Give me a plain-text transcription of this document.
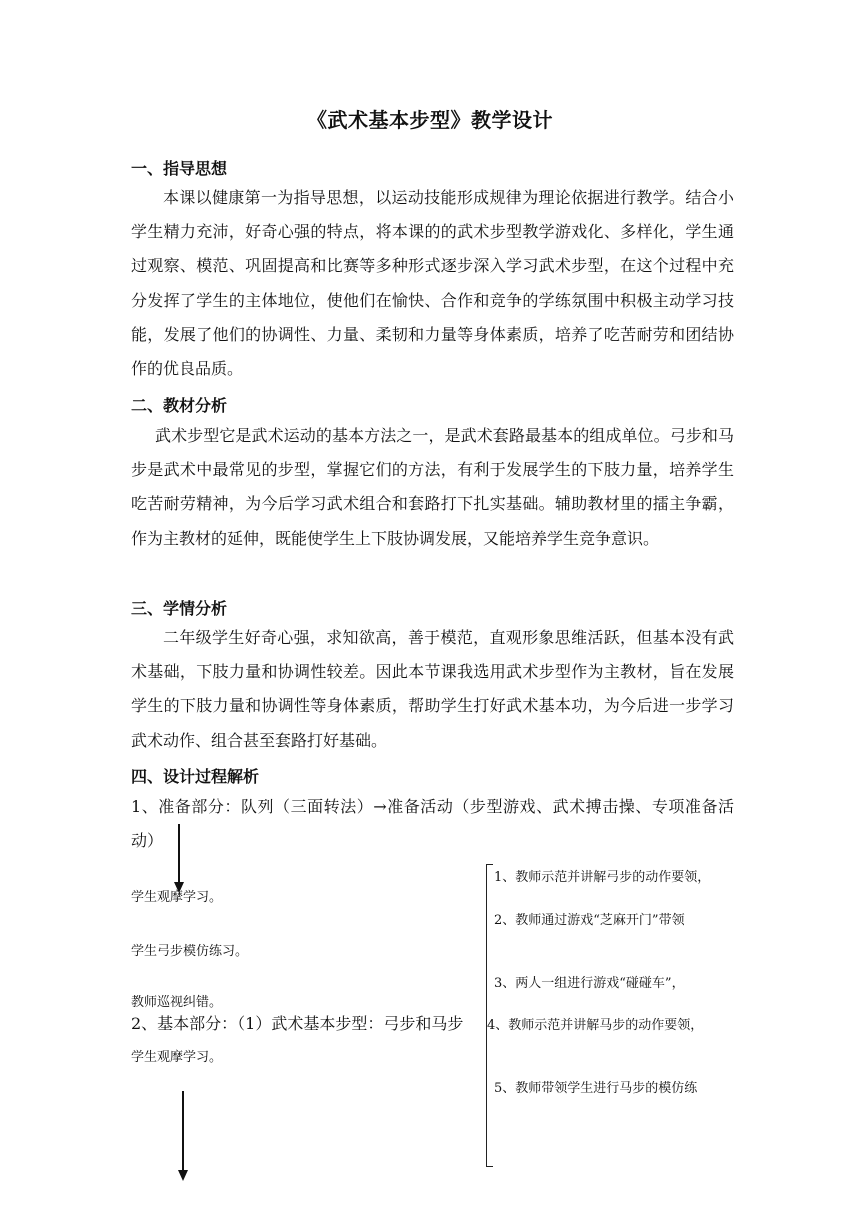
《武术基本步型》教学设计
一、指导思想
本课以健康第一为指导思想，以运动技能形成规律为理论依据进行教学。结合小学生精力充沛，好奇心强的特点，将本课的的武术步型教学游戏化、多样化，学生通过观察、模范、巩固提高和比赛等多种形式逐步深入学习武术步型，在这个过程中充分发挥了学生的主体地位，使他们在愉快、合作和竞争的学练氛围中积极主动学习技能，发展了他们的协调性、力量、柔韧和力量等身体素质，培养了吃苦耐劳和团结协作的优良品质。
二、教材分析
武术步型它是武术运动的基本方法之一，是武术套路最基本的组成单位。弓步和马步是武术中最常见的步型，掌握它们的方法，有利于发展学生的下肢力量，培养学生吃苦耐劳精神，为今后学习武术组合和套路打下扎实基础。辅助教材里的擂主争霸，作为主教材的延伸，既能使学生上下肢协调发展，又能培养学生竞争意识。
三、学情分析
二年级学生好奇心强，求知欲高，善于模范，直观形象思维活跃，但基本没有武术基础，下肢力量和协调性较差。因此本节课我选用武术步型作为主教材，旨在发展学生的下肢力量和协调性等身体素质，帮助学生打好武术基本功，为今后进一步学习武术动作、组合甚至套路打好基础。
四、设计过程解析
1、准备部分：队列（三面转法）→准备活动（步型游戏、武术搏击操、专项准备活动）
学生观摩学习。
学生弓步模仿练习。
教师巡视纠错。
2、基本部分：（1）武术基本步型：弓步和马步
学生观摩学习。
1、教师示范并讲解弓步的动作要领，
2、教师通过游戏“芝麻开门”带领
3、两人一组进行游戏“碰碰车”，
4、教师示范并讲解马步的动作要领，
5、教师带领学生进行马步的模仿练
